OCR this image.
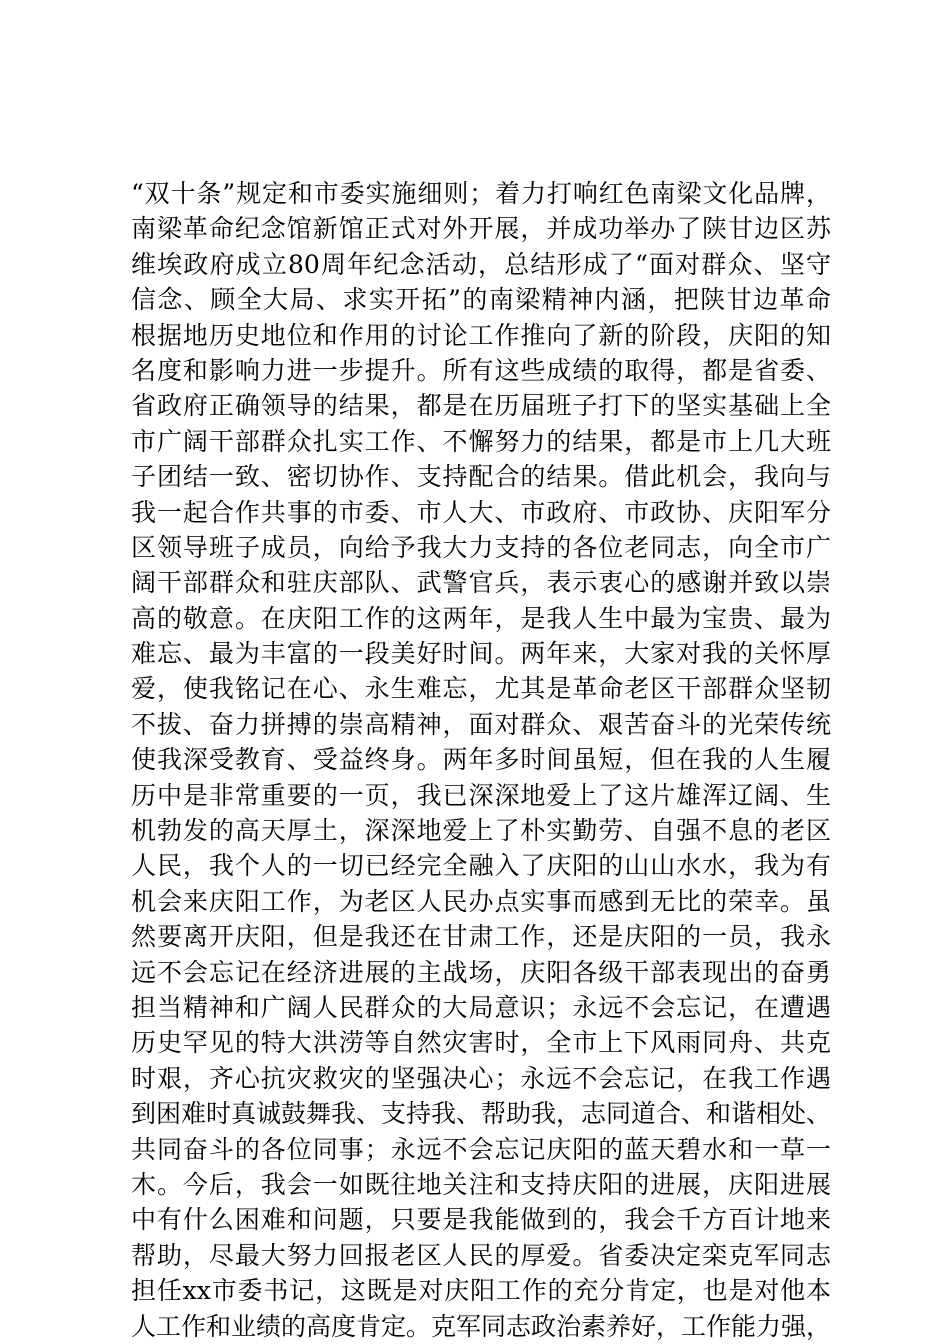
“双十条”规定和市委实施细则；着力打响红色南梁文化品牌，
南梁革命纪念馆新馆正式对外开展，并成功举办了陕甘边区苏
维埃政府成立80周年纪念活动，总结形成了“面对群众、坚守
信念、顾全大局、求实开拓”的南梁精神内涵，把陕甘边革命
根据地历史地位和作用的讨论工作推向了新的阶段，庆阳的知
名度和影响力进一步提升。所有这些成绩的取得，都是省委、
省政府正确领导的结果，都是在历届班子打下的坚实基础上全
市广阔干部群众扎实工作、不懈努力的结果，都是市上几大班
子团结一致、密切协作、支持配合的结果。借此机会，我向与
我一起合作共事的市委、市人大、市政府、市政协、庆阳军分
区领导班子成员，向给予我大力支持的各位老同志，向全市广
阔干部群众和驻庆部队、武警官兵，表示衷心的感谢并致以崇
高的敬意。在庆阳工作的这两年，是我人生中最为宝贵、最为
难忘、最为丰富的一段美好时间。两年来，大家对我的关怀厚
爱，使我铭记在心、永生难忘，尤其是革命老区干部群众坚韧
不拔、奋力拼搏的崇高精神，面对群众、艰苦奋斗的光荣传统
使我深受教育、受益终身。两年多时间虽短，但在我的人生履
历中是非常重要的一页，我已深深地爱上了这片雄浑辽阔、生
机勃发的高天厚土，深深地爱上了朴实勤劳、自强不息的老区
人民，我个人的一切已经完全融入了庆阳的山山水水，我为有
机会来庆阳工作，为老区人民办点实事而感到无比的荣幸。虽
然要离开庆阳，但是我还在甘肃工作，还是庆阳的一员，我永
远不会忘记在经济进展的主战场，庆阳各级干部表现出的奋勇
担当精神和广阔人民群众的大局意识；永远不会忘记，在遭遇
历史罕见的特大洪涝等自然灾害时，全市上下风雨同舟、共克
时艰，齐心抗灾救灾的坚强决心；永远不会忘记，在我工作遇
到困难时真诚鼓舞我、支持我、帮助我，志同道合、和谐相处、
共同奋斗的各位同事；永远不会忘记庆阳的蓝天碧水和一草一
木。今后，我会一如既往地关注和支持庆阳的进展，庆阳进展
中有什么困难和问题，只要是我能做到的，我会千方百计地来
帮助，尽最大努力回报老区人民的厚爱。省委决定栾克军同志
担任xx市委书记，这既是对庆阳工作的充分肯定，也是对他本
人工作和业绩的高度肯定。克军同志政治素养好，工作能力强，
